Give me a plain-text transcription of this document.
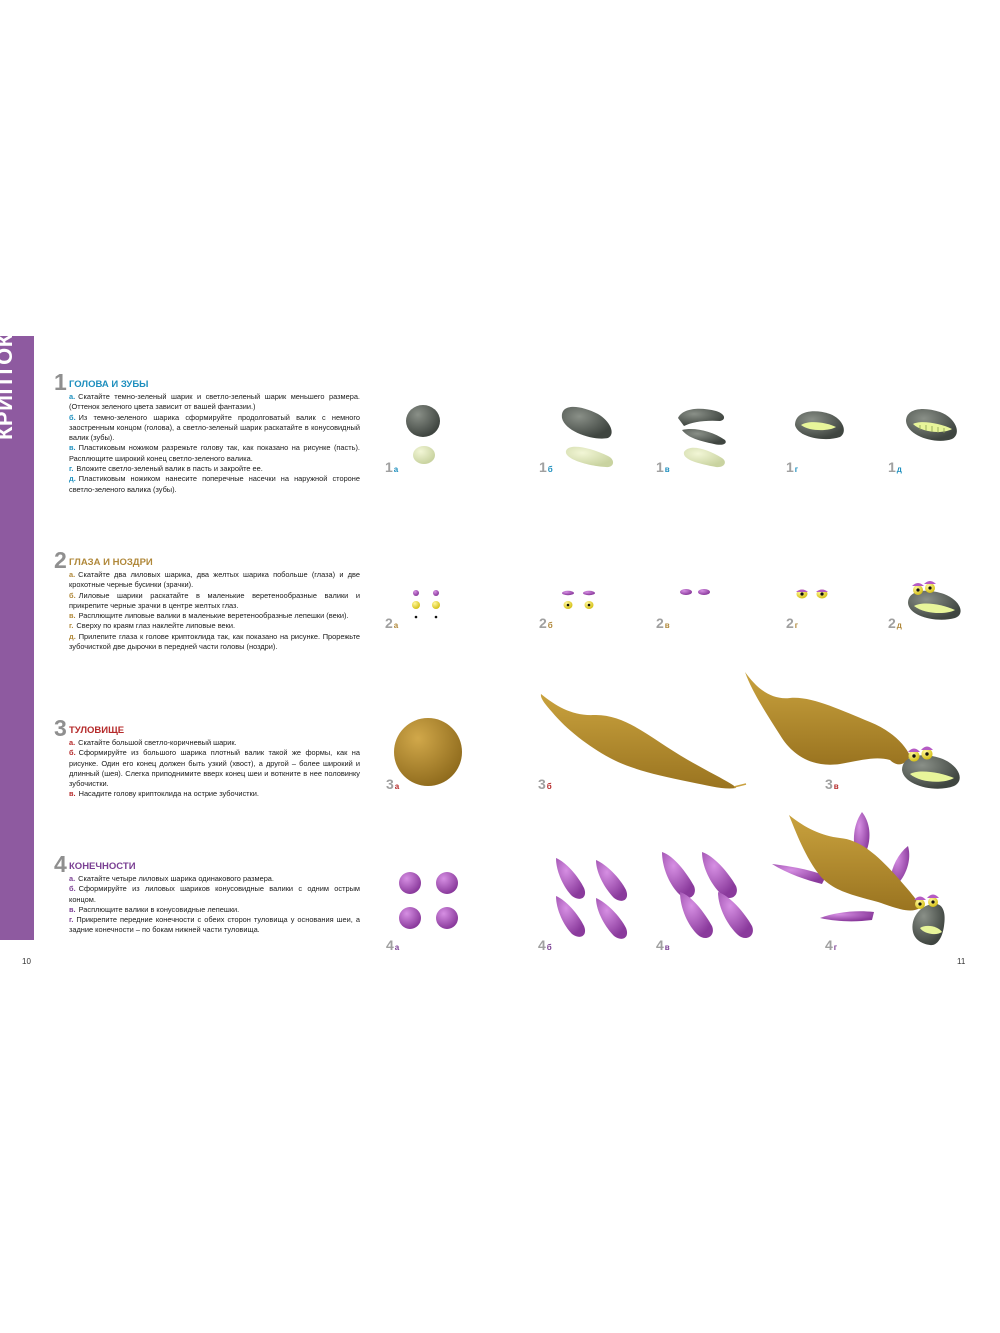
1 ГОЛОВА И ЗУБЫ
а. Скатайте темно-зеленый шарик и светло-зеленый шарик меньшего размера. (Оттенок зеленого цвета зависит от вашей фантазии.)
б. Из темно-зеленого шарика сформируйте продолговатый валик с немного заостренным концом (голова), а светло-зеленый шарик раскатайте в конусовидный валик (зубы).
в. Пластиковым ножиком разрежьте голову так, как показано на рисунке (пасть). Расплющите широкий конец светло-зеленого валика.
г. Вложите светло-зеленый валик в пасть и закройте ее.
д. Пластиковым ножиком нанесите поперечные насечки на наружной стороне светло-зеленого валика (зубы).
2 ГЛАЗА И НОЗДРИ
а. Скатайте два лиловых шарика, два желтых шарика побольше (глаза) и две крохотные черные бусинки (зрачки).
б. Лиловые шарики раскатайте в маленькие веретенообразные валики и прикрепите черные зрачки в центре желтых глаз.
в. Расплющите липовые валики в маленькие веретенообразные лепешки (веки).
г. Сверху по краям глаз наклейте липовые веки.
д. Прилепите глаза к голове криптоклида так, как показано на рисунке. Прорежьте зубочисткой две дырочки в передней части головы (ноздри).
3 ТУЛОВИЩЕ
а. Скатайте большой светло-коричневый шарик.
б. Сформируйте из большого шарика плотный валик такой же формы, как на рисунке. Один его конец должен быть узкий (хвост), а другой – более широкий и длинный (шея). Слегка приподнимите вверх конец шеи и воткните в нее половинку зубочистки.
в. Насадите голову криптоклида на острие зубочистки.
4 КОНЕЧНОСТИ
а. Скатайте четыре лиловых шарика одинакового размера.
б. Сформируйте из лиловых шариков конусовидные валики с одним острым концом.
в. Расплющите валики в конусовидные лепешки.
г. Прикрепите передние конечности с обеих сторон туловища у основания шеи, а задние конечности – по бокам нижней части туловища.
1а	1б	1в	1г	1д
2а	2б	2в	2г	2д
3а	3б	3в
4а	4б	4в	4г
10	11
